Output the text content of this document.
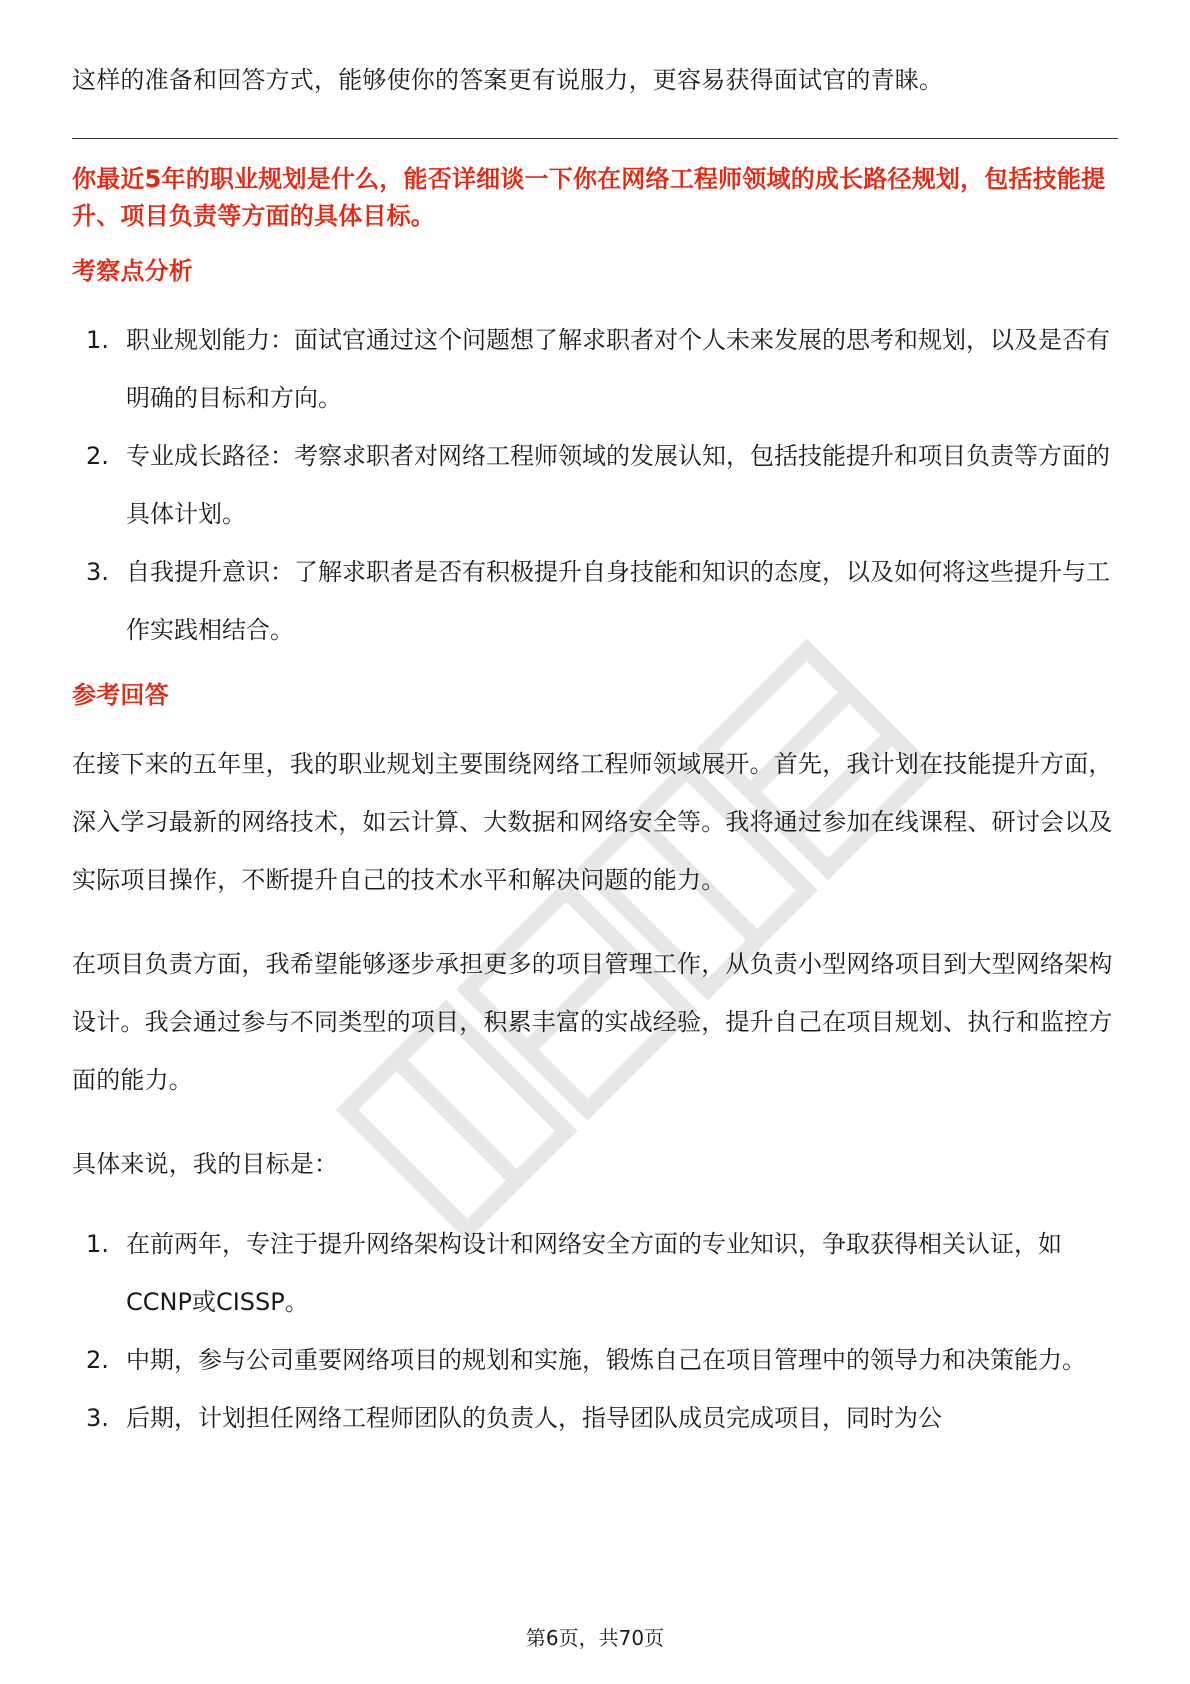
这样的准备和回答方式，能够使你的答案更有说服力，更容易获得面试官的青睐。

你最近5年的职业规划是什么，能否详细谈一下你在网络工程师领域的成长路径规划，包括技能提升、项目负责等方面的具体目标。

考察点分析

1. 职业规划能力：面试官通过这个问题想了解求职者对个人未来发展的思考和规划，以及是否有明确的目标和方向。
2. 专业成长路径：考察求职者对网络工程师领域的发展认知，包括技能提升和项目负责等方面的具体计划。
3. 自我提升意识：了解求职者是否有积极提升自身技能和知识的态度，以及如何将这些提升与工作实践相结合。

参考回答

在接下来的五年里，我的职业规划主要围绕网络工程师领域展开。首先，我计划在技能提升方面，深入学习最新的网络技术，如云计算、大数据和网络安全等。我将通过参加在线课程、研讨会以及实际项目操作，不断提升自己的技术水平和解决问题的能力。

在项目负责方面，我希望能够逐步承担更多的项目管理工作，从负责小型网络项目到大型网络架构设计。我会通过参与不同类型的项目，积累丰富的实战经验，提升自己在项目规划、执行和监控方面的能力。

具体来说，我的目标是：

1. 在前两年，专注于提升网络架构设计和网络安全方面的专业知识，争取获得相关认证，如CCNP或CISSP。
2. 中期，参与公司重要网络项目的规划和实施，锻炼自己在项目管理中的领导力和决策能力。
3. 后期，计划担任网络工程师团队的负责人，指导团队成员完成项目，同时为公
第6页，共70页
